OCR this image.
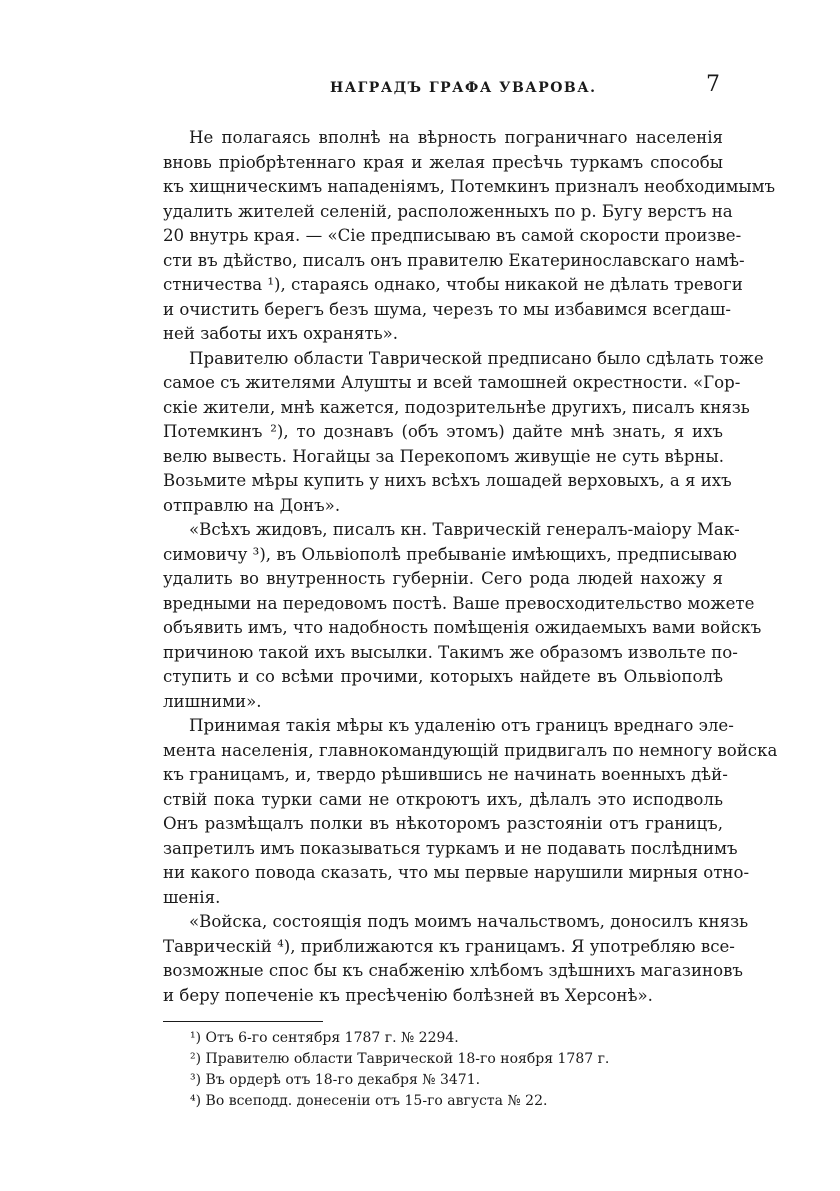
НАГРАДЪ ГРАФА УВАРОВА.	7
Не полагаясь вполнѣ на вѣрность пограничнаго населенія
вновь пріобрѣтеннаго края и желая пресѣчь туркамъ способы
къ хищническимъ нападеніямъ, Потемкинъ призналъ необходимымъ
удалить жителей селеній, расположенныхъ по р. Бугу верстъ на
20 внутрь края. — «Сіе предписываю въ самой скорости произве-
сти въ дѣйство, писалъ онъ правителю Екатеринославскаго намѣ-
стничества ¹), стараясь однако, чтобы никакой не дѣлать тревоги
и очистить берегъ безъ шума, черезъ то мы избавимся всегдаш-
ней заботы ихъ охранять».
Правителю области Таврической предписано было сдѣлать тоже
самое съ жителями Алушты и всей тамошней окрестности. «Гор-
скіе жители, мнѣ кажется, подозрительнѣе другихъ, писалъ князь
Потемкинъ ²), то дознавъ (объ этомъ) дайте мнѣ знать, я ихъ
велю вывесть. Ногайцы за Перекопомъ живущіе не суть вѣрны.
Возьмите мѣры купить у нихъ всѣхъ лошадей верховыхъ, а я ихъ
отправлю на Донъ».
«Всѣхъ жидовъ, писалъ кн. Таврическій генералъ-маіору Мак-
симовичу ³), въ Ольвіополѣ пребываніе имѣющихъ, предписываю
удалить во внутренность губерніи. Сего рода людей нахожу я
вредными на передовомъ постѣ. Ваше превосходительство можете
объявить имъ, что надобность помѣщенія ожидаемыхъ вами войскъ
причиною такой ихъ высылки. Такимъ же образомъ извольте по-
ступить и со всѣми прочими, которыхъ найдете въ Ольвіополѣ
лишними».
Принимая такія мѣры къ удаленію отъ границъ вреднаго эле-
мента населенія, главнокомандующій придвигалъ по немногу войска
къ границамъ, и, твердо рѣшившись не начинать военныхъ дѣй-
ствій пока турки сами не откроютъ ихъ, дѣлалъ это исподволь
Онъ размѣщалъ полки въ нѣкоторомъ разстояніи отъ границъ,
запретилъ имъ показываться туркамъ и не подавать послѣднимъ
ни какого повода сказать, что мы первые нарушили мирныя отно-
шенія.
«Войска, состоящія подъ моимъ начальствомъ, доносилъ князь
Таврическій ⁴), приближаются къ границамъ. Я употребляю все-
возможные спос бы къ снабженію хлѣбомъ здѣшнихъ магазиновъ
и беру попеченіе къ пресѣченію болѣзней въ Херсонѣ».
¹) Отъ 6-го сентября 1787 г. № 2294.
²) Правителю области Таврической 18-го ноября 1787 г.
³) Въ ордерѣ отъ 18-го декабря № 3471.
⁴) Во всеподд. донесеніи отъ 15-го августа № 22.
